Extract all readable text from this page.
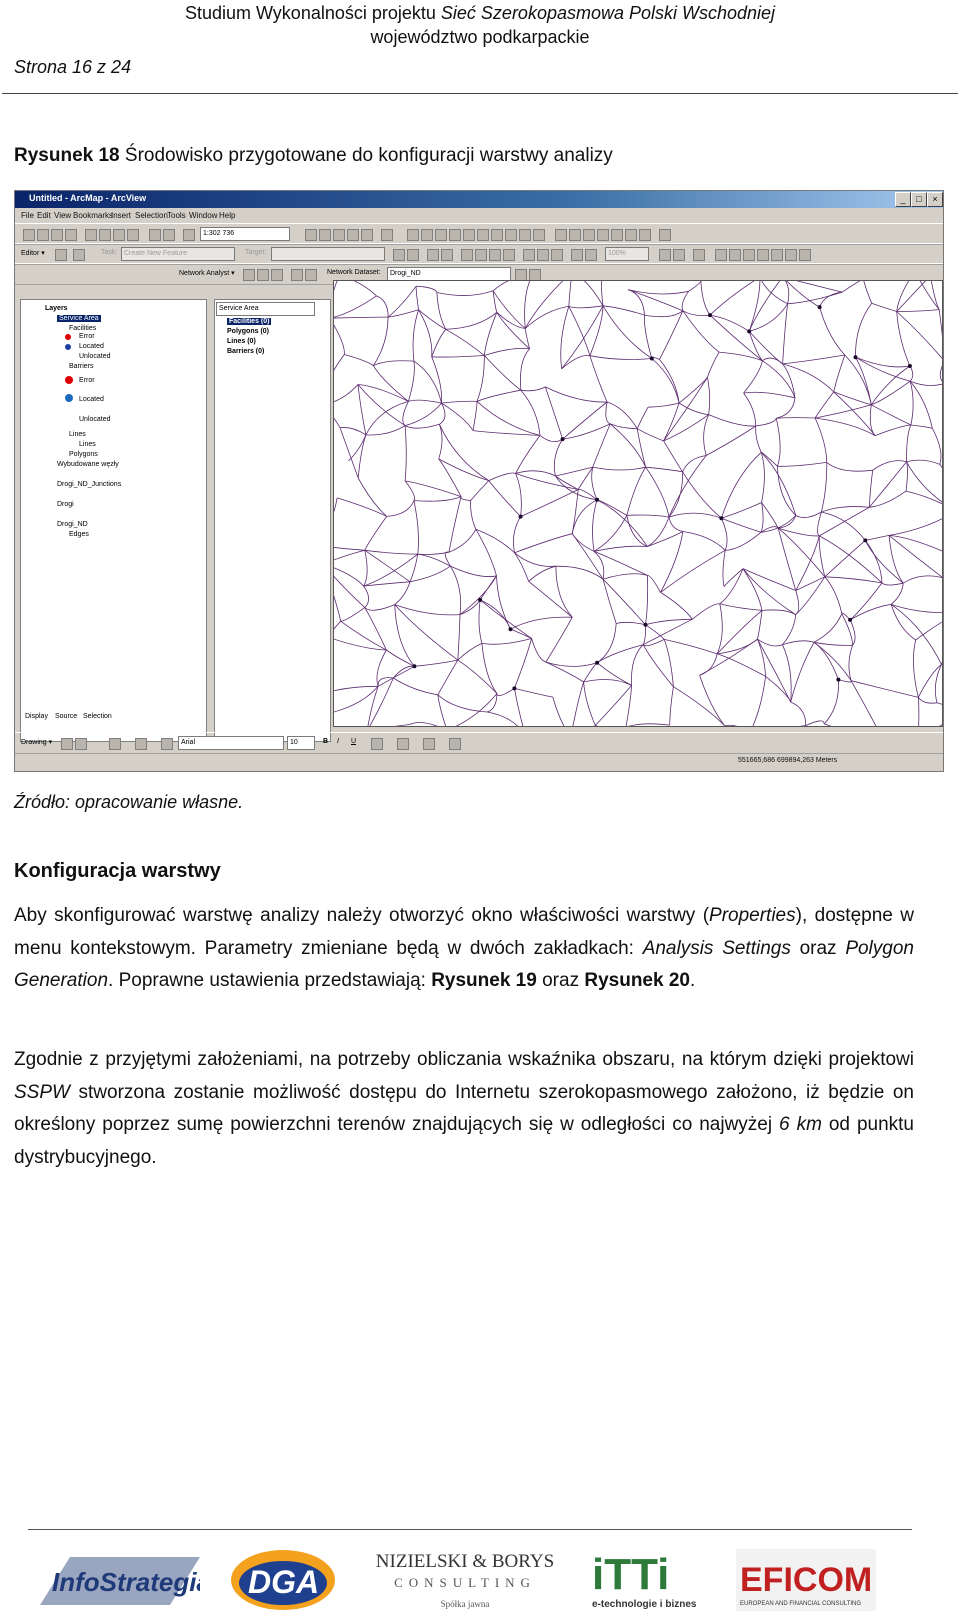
Studium Wykonalności projektu Sieć Szerokopasmowa Polski Wschodniej
województwo podkarpackie
Strona 16 z 24
Rysunek 18 Środowisko przygotowane do konfiguracji warstwy analizy
Untitled - ArcMap - ArcView	_	□	×
File Edit View Bookmarks
Insert Selection Tools Window Help
1:302 736
Editor ▾	Task: Create New Feature	Target:	100%
Network Analyst ▾	Network Dataset:	Drogi_ND
Layers
Service Area
Facilities
Error
Located
Unlocated
Barriers
Error
Located
Unlocated
Lines
Lines
Polygons
Wybudowane węzły
Drogi_ND_Junctions
Drogi
Drogi_ND
Edges
Display Source Selection
Service Area
Facilities (0)
Polygons (0)
Lines (0)
Barriers (0)
Drawing ▾	Arial	10	B I U
551665,686 699894,263 Meters
Źródło: opracowanie własne.
Konfiguracja warstwy
Aby skonfigurować warstwę analizy należy otworzyć okno właściwości warstwy (Properties), dostępne w menu kontekstowym. Parametry zmieniane będą w dwóch zakładkach: Analysis Settings oraz Polygon Generation. Poprawne ustawienia przedstawiają: Rysunek 19 oraz Rysunek 20.
Zgodnie z przyjętymi założeniami, na potrzeby obliczania wskaźnika obszaru, na którym dzięki projektowi SSPW stworzona zostanie możliwość dostępu do Internetu szerokopasmowego założono, iż będzie on określony poprzez sumę powierzchni terenów znajdujących się w odległości co najwyżej 6 km od punktu dystrybucyjnego.
InfoStrategia DGA
NIZIELSKI & BORYS
CONSULTING
Spółka jawna
iTTi
e-technologie i biznes
EFICOM
EUROPEAN AND FINANCIAL CONSULTING
